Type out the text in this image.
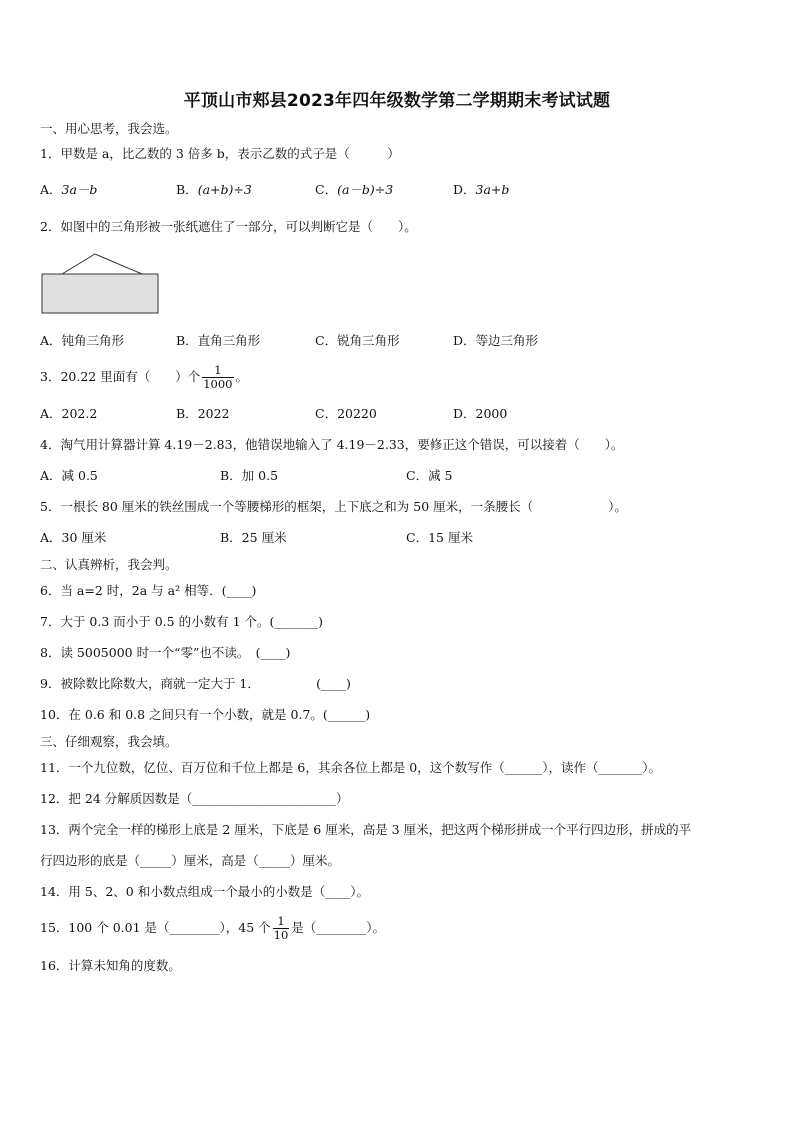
平顶山市郏县2023年四年级数学第二学期期末考试试题
一、用心思考，我会选。
1．甲数是 a，比乙数的 3 倍多 b，表示乙数的式子是（　　　）
A．3a－b	B．(a+b)÷3	C．(a－b)÷3	D．3a+b
2．如图中的三角形被一张纸遮住了一部分，可以判断它是（　　）。
A．钝角三角形	B．直角三角形	C．锐角三角形	D．等边三角形
3．20.22 里面有（　　）个 $\frac{1}{1000}$ 。
A．202.2	B．2022	C．20220	D．2000
4．淘气用计算器计算 4.19－2.83，他错误地输入了 4.19－2.33，要修正这个错误，可以接着（　　）。
A．减 0.5	B．加 0.5	C．减 5
5．一根长 80 厘米的铁丝围成一个等腰梯形的框架，上下底之和为 50 厘米，一条腰长（　　　　　　）。
A．30 厘米	B．25 厘米	C．15 厘米
二、认真辨析，我会判。
6．当 a=2 时，2a 与 a² 相等．(____)
7．大于 0.3 而小于 0.5 的小数有 1 个。(_______)
8．读 5005000 时一个“零”也不读。　(____)
9．被除数比除数大，商就一定大于 1．　　　　　(____)
10．在 0.6 和 0.8 之间只有一个小数，就是 0.7。(______)
三、仔细观察，我会填。
11．一个九位数，亿位、百万位和千位上都是 6，其余各位上都是 0，这个数写作（______），读作（_______）。
12．把 24 分解质因数是（_______________________）
13．两个完全一样的梯形上底是 2 厘米，下底是 6 厘米，高是 3 厘米，把这两个梯形拼成一个平行四边形，拼成的平
行四边形的底是（_____）厘米，高是（_____）厘米。
14．用 5、2、0 和小数点组成一个最小的小数是（____）。
15．100 个 0.01 是（________），45 个 $\frac{1}{10}$ 是（________）。
16．计算未知角的度数。
